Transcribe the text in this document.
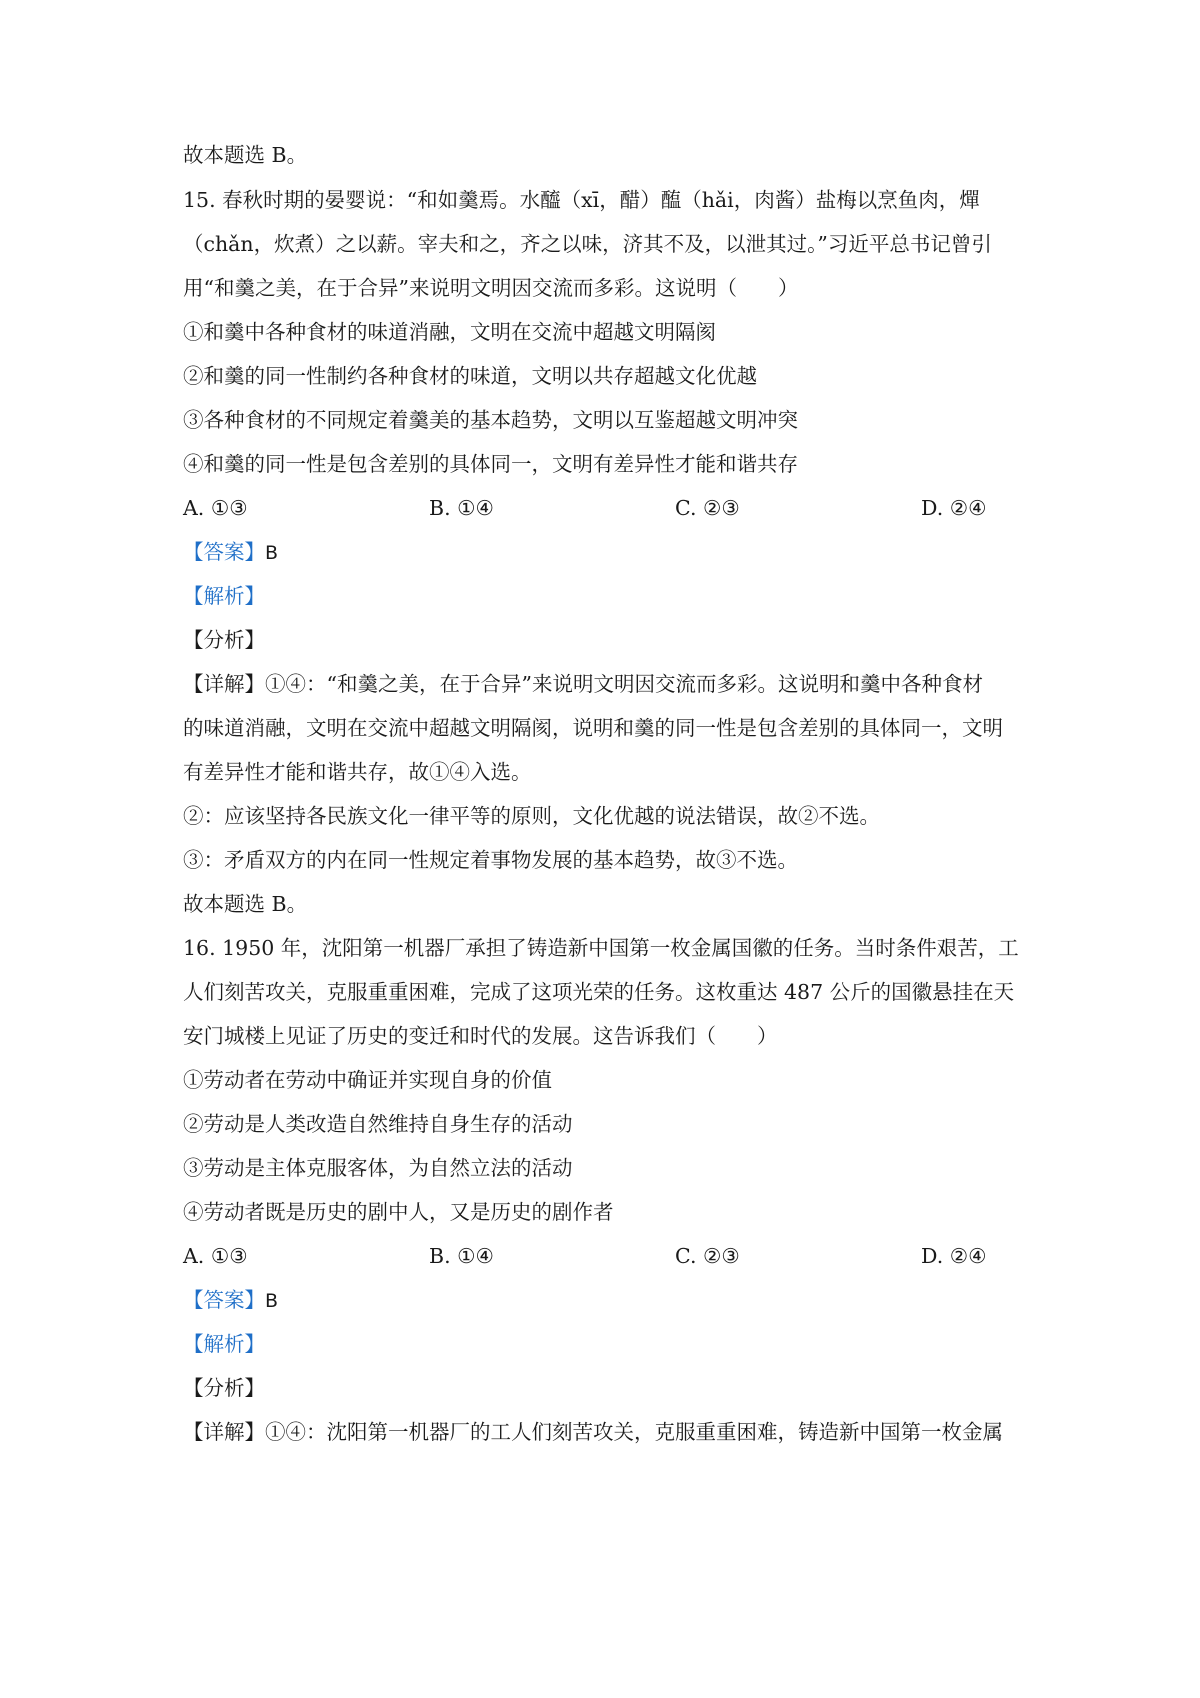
故本题选 B。
15. 春秋时期的晏婴说：“和如羹焉。水醯（xī，醋）醢（hǎi，肉酱）盐梅以烹鱼肉，燀
（chǎn，炊煮）之以薪。宰夫和之，齐之以味，济其不及，以泄其过。”习近平总书记曾引
用“和羹之美，在于合异”来说明文明因交流而多彩。这说明（　　）
①和羹中各种食材的味道消融，文明在交流中超越文明隔阂
②和羹的同一性制约各种食材的味道，文明以共存超越文化优越
③各种食材的不同规定着羹美的基本趋势，文明以互鉴超越文明冲突
④和羹的同一性是包含差别的具体同一，文明有差异性才能和谐共存
A. ①③	B. ①④	C. ②③	D. ②④
【答案】B
【解析】
【分析】
【详解】①④：“和羹之美，在于合异”来说明文明因交流而多彩。这说明和羹中各种食材
的味道消融，文明在交流中超越文明隔阂，说明和羹的同一性是包含差别的具体同一，文明
有差异性才能和谐共存，故①④入选。
②：应该坚持各民族文化一律平等的原则，文化优越的说法错误，故②不选。
③：矛盾双方的内在同一性规定着事物发展的基本趋势，故③不选。
故本题选 B。
16. 1950 年，沈阳第一机器厂承担了铸造新中国第一枚金属国徽的任务。当时条件艰苦，工
人们刻苦攻关，克服重重困难，完成了这项光荣的任务。这枚重达 487 公斤的国徽悬挂在天
安门城楼上见证了历史的变迁和时代的发展。这告诉我们（　　）
①劳动者在劳动中确证并实现自身的价值
②劳动是人类改造自然维持自身生存的活动
③劳动是主体克服客体，为自然立法的活动
④劳动者既是历史的剧中人，又是历史的剧作者
A. ①③	B. ①④	C. ②③	D. ②④
【答案】B
【解析】
【分析】
【详解】①④：沈阳第一机器厂的工人们刻苦攻关，克服重重困难，铸造新中国第一枚金属
